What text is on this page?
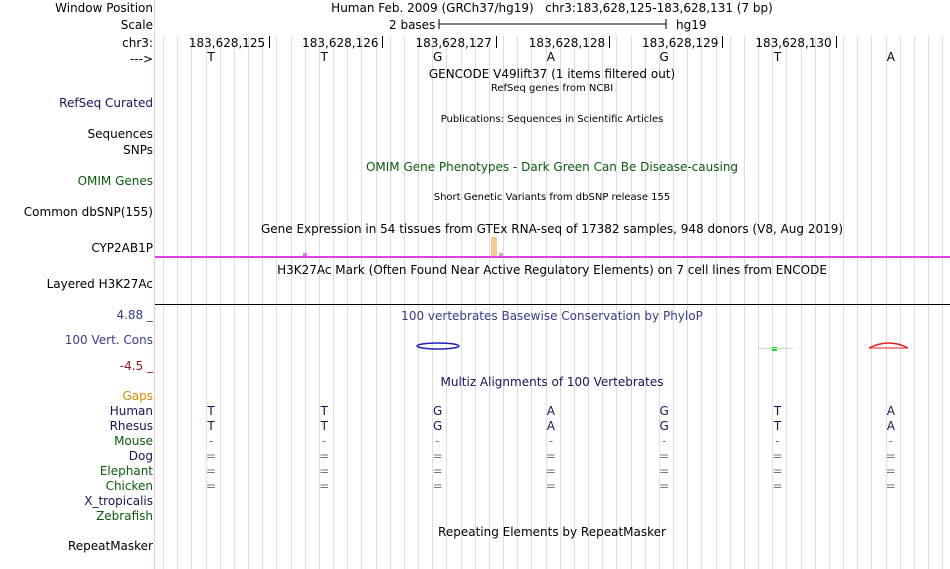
Window Position	Human Feb. 2009 (GRCh37/hg19) chr3:183,628,125-183,628,131 (7 bp)
Scale	2 bases	hg19
chr3:	183,628,125	183,628,126	183,628,127	183,628,128	183,628,129	183,628,130
--->	T	T	G	A	G	T	A
GENCODE V49lift37 (1 items filtered out)
RefSeq genes from NCBI
RefSeq Curated
Publications: Sequences in Scientific Articles
Sequences
SNPs
OMIM Gene Phenotypes - Dark Green Can Be Disease-causing
OMIM Genes
Short Genetic Variants from dbSNP release 155
Common dbSNP(155)
Gene Expression in 54 tissues from GTEx RNA-seq of 17382 samples, 948 donors (V8, Aug 2019)
CYP2AB1P
H3K27Ac Mark (Often Found Near Active Regulatory Elements) on 7 cell lines from ENCODE
Layered H3K27Ac
100 vertebrates Basewise Conservation by PhyloP
4.88 _
100 Vert. Cons
-4.5 _
Multiz Alignments of 100 Vertebrates
Gaps
Human	T	T	G	A	G	T	A
Rhesus	T	T	G	A	G	T	A
Mouse	-	-	-	-	-	-	-
Dog	=	=	=	=	=	=	=
Elephant	=	=	=	=	=	=	=
Chicken	=	=	=	=	=	=	=
X_tropicalis
Zebrafish
Repeating Elements by RepeatMasker
RepeatMasker
